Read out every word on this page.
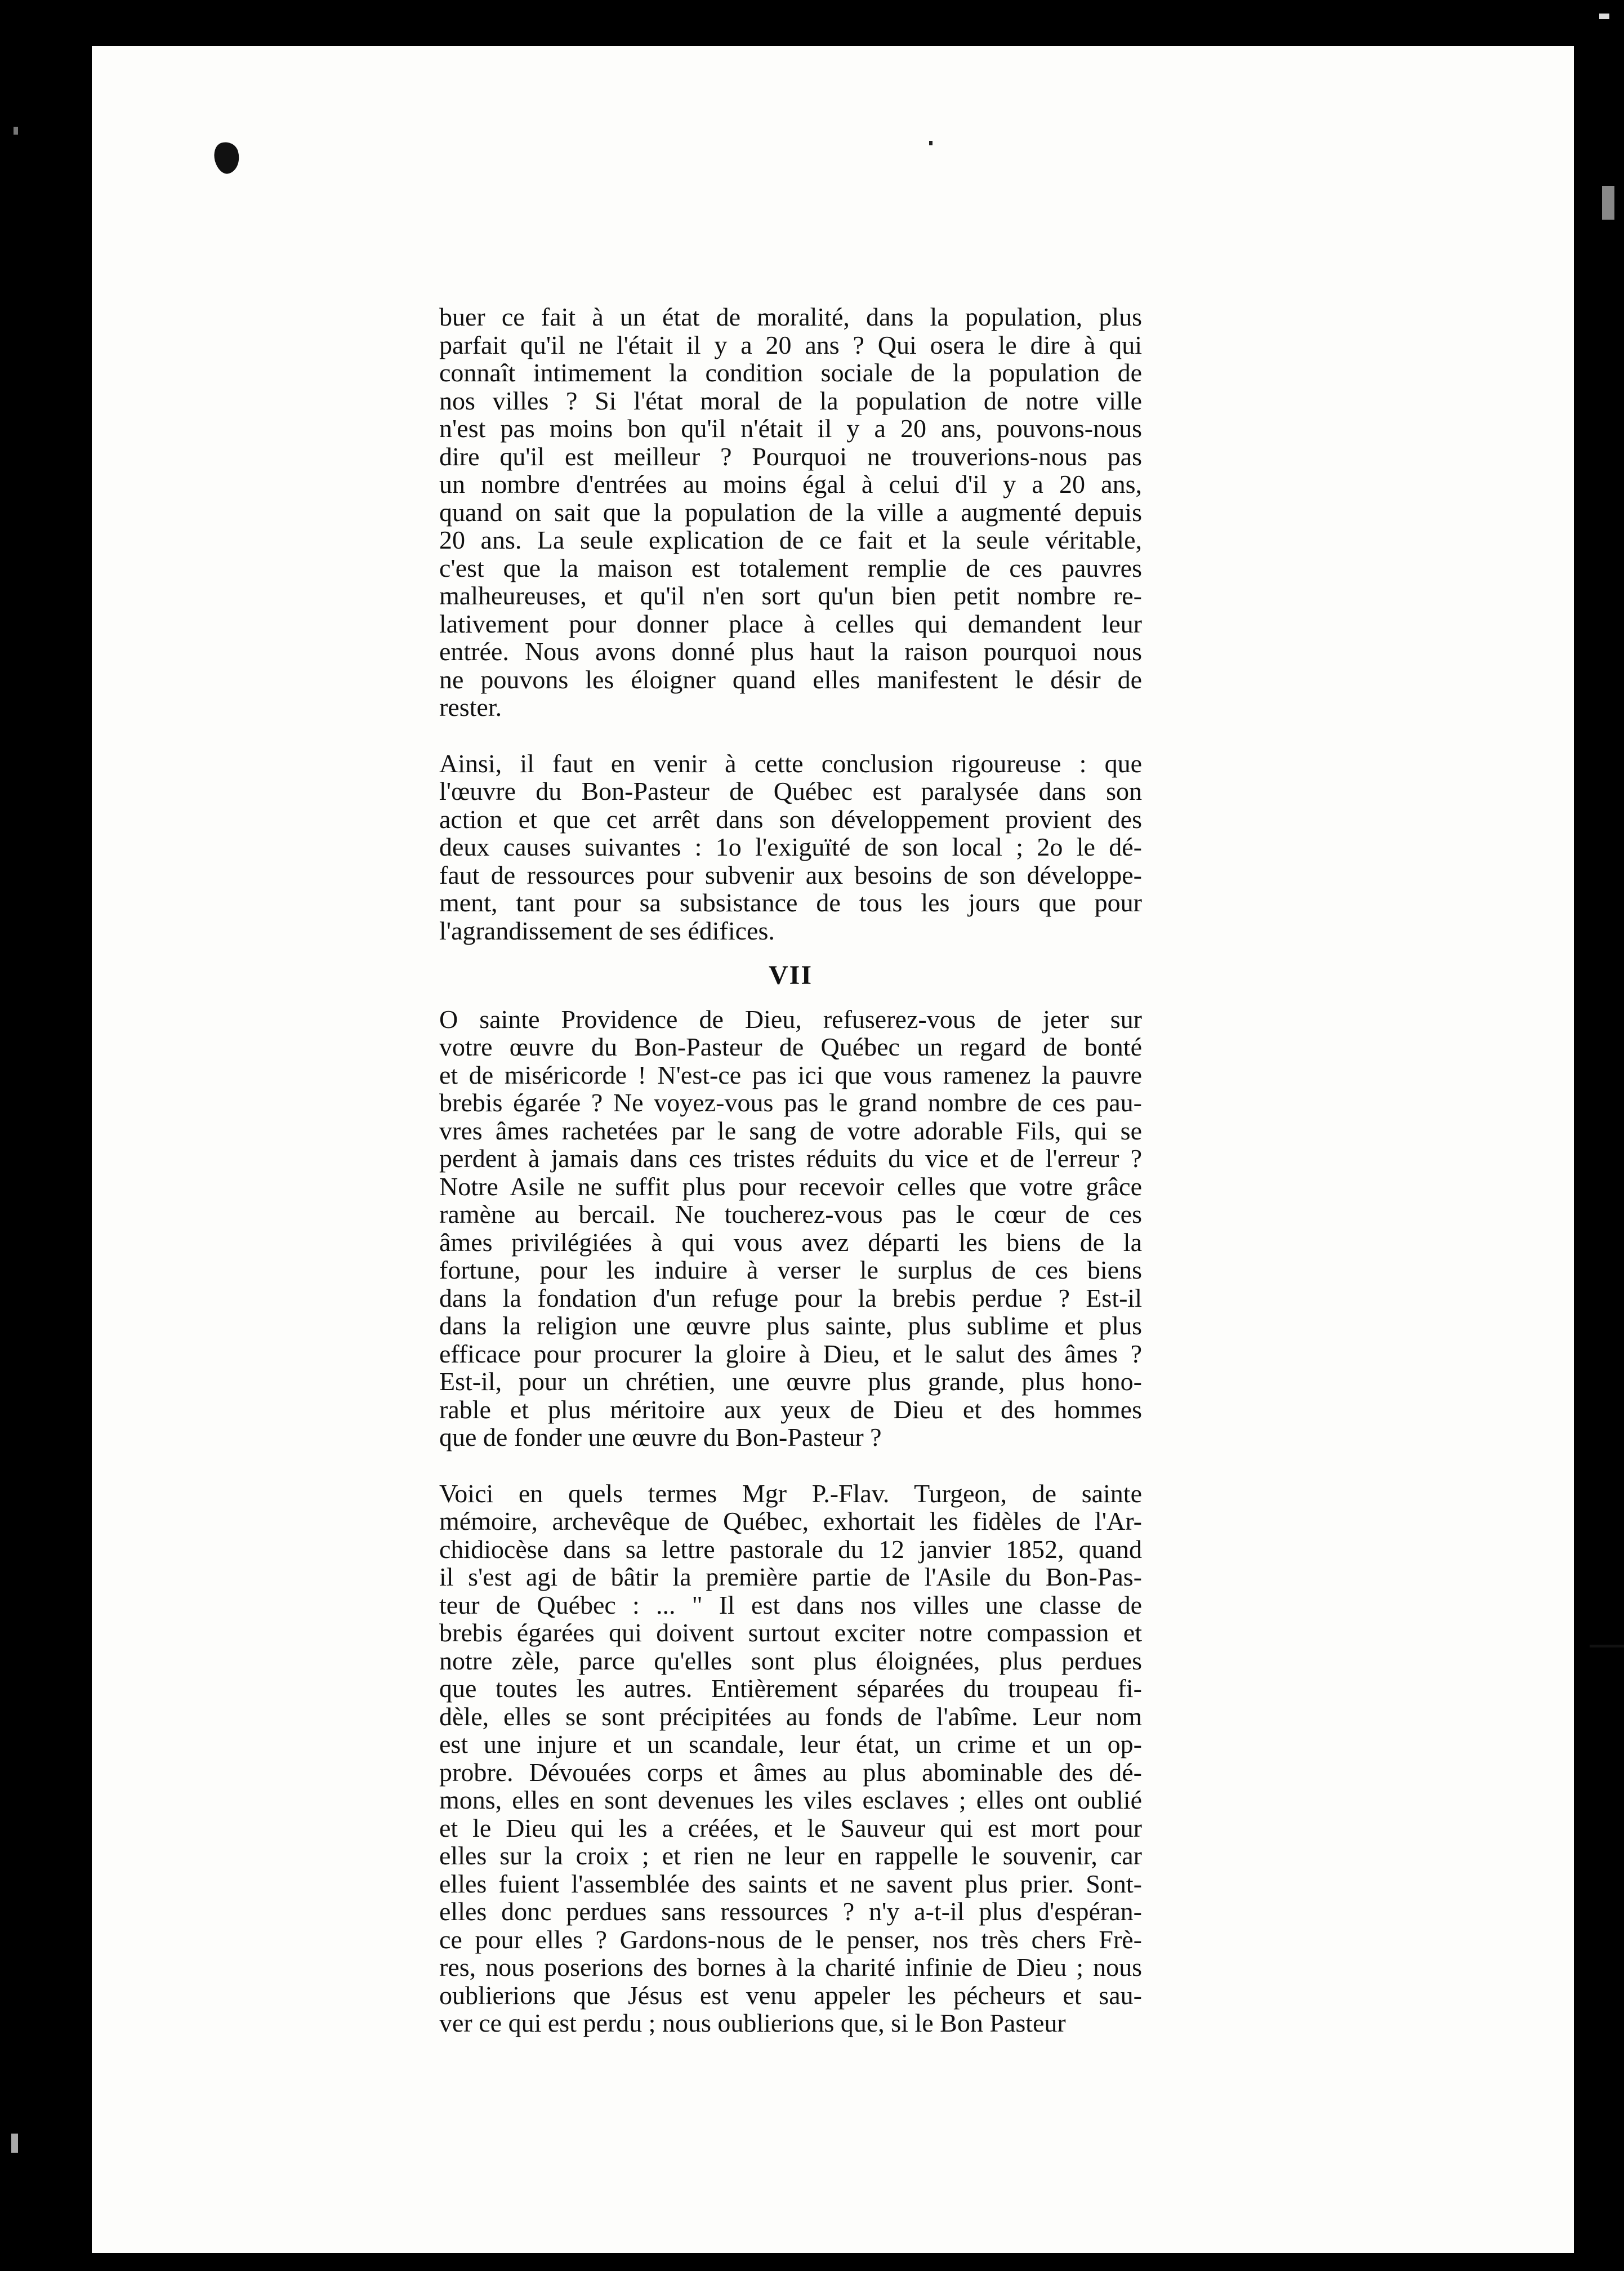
buer ce fait à un état de moralité, dans la population, plus

parfait qu'il ne l'était il y a 20 ans ? Qui osera le dire à qui

connaît intimement la condition sociale de la population de

nos villes ? Si l'état moral de la population de notre ville

n'est pas moins bon qu'il n'était il y a 20 ans, pouvons-nous

dire qu'il est meilleur ? Pourquoi ne trouverions-nous pas

un nombre d'entrées au moins égal à celui d'il y a 20 ans,

quand on sait que la population de la ville a augmenté depuis

20 ans. La seule explication de ce fait et la seule véritable,

c'est que la maison est totalement remplie de ces pauvres

malheureuses, et qu'il n'en sort qu'un bien petit nombre re-

lativement pour donner place à celles qui demandent leur

entrée. Nous avons donné plus haut la raison pourquoi nous

ne pouvons les éloigner quand elles manifestent le désir de

rester.

Ainsi, il faut en venir à cette conclusion rigoureuse : que

l'œuvre du Bon-Pasteur de Québec est paralysée dans son

action et que cet arrêt dans son développement provient des

deux causes suivantes : 1o l'exiguïté de son local ; 2o le dé-

faut de ressources pour subvenir aux besoins de son développe-

ment, tant pour sa subsistance de tous les jours que pour

l'agrandissement de ses édifices.

VII

O sainte Providence de Dieu, refuserez-vous de jeter sur

votre œuvre du Bon-Pasteur de Québec un regard de bonté

et de miséricorde ! N'est-ce pas ici que vous ramenez la pauvre

brebis égarée ? Ne voyez-vous pas le grand nombre de ces pau-

vres âmes rachetées par le sang de votre adorable Fils, qui se

perdent à jamais dans ces tristes réduits du vice et de l'erreur ?

Notre Asile ne suffit plus pour recevoir celles que votre grâce

ramène au bercail. Ne toucherez-vous pas le cœur de ces

âmes privilégiées à qui vous avez départi les biens de la

fortune, pour les induire à verser le surplus de ces biens

dans la fondation d'un refuge pour la brebis perdue ? Est-il

dans la religion une œuvre plus sainte, plus sublime et plus

efficace pour procurer la gloire à Dieu, et le salut des âmes ?

Est-il, pour un chrétien, une œuvre plus grande, plus hono-

rable et plus méritoire aux yeux de Dieu et des hommes

que de fonder une œuvre du Bon-Pasteur ?

Voici en quels termes Mgr P.-Flav. Turgeon, de sainte

mémoire, archevêque de Québec, exhortait les fidèles de l'Ar-

chidiocèse dans sa lettre pastorale du 12 janvier 1852, quand

il s'est agi de bâtir la première partie de l'Asile du Bon-Pas-

teur de Québec : ... " Il est dans nos villes une classe de

brebis égarées qui doivent surtout exciter notre compassion et

notre zèle, parce qu'elles sont plus éloignées, plus perdues

que toutes les autres. Entièrement séparées du troupeau fi-

dèle, elles se sont précipitées au fonds de l'abîme. Leur nom

est une injure et un scandale, leur état, un crime et un op-

probre. Dévouées corps et âmes au plus abominable des dé-

mons, elles en sont devenues les viles esclaves ; elles ont oublié

et le Dieu qui les a créées, et le Sauveur qui est mort pour

elles sur la croix ; et rien ne leur en rappelle le souvenir, car

elles fuient l'assemblée des saints et ne savent plus prier. Sont-

elles donc perdues sans ressources ? n'y a-t-il plus d'espéran-

ce pour elles ? Gardons-nous de le penser, nos très chers Frè-

res, nous poserions des bornes à la charité infinie de Dieu ; nous

oublierions que Jésus est venu appeler les pécheurs et sau-

ver ce qui est perdu ; nous oublierions que, si le Bon Pasteur
